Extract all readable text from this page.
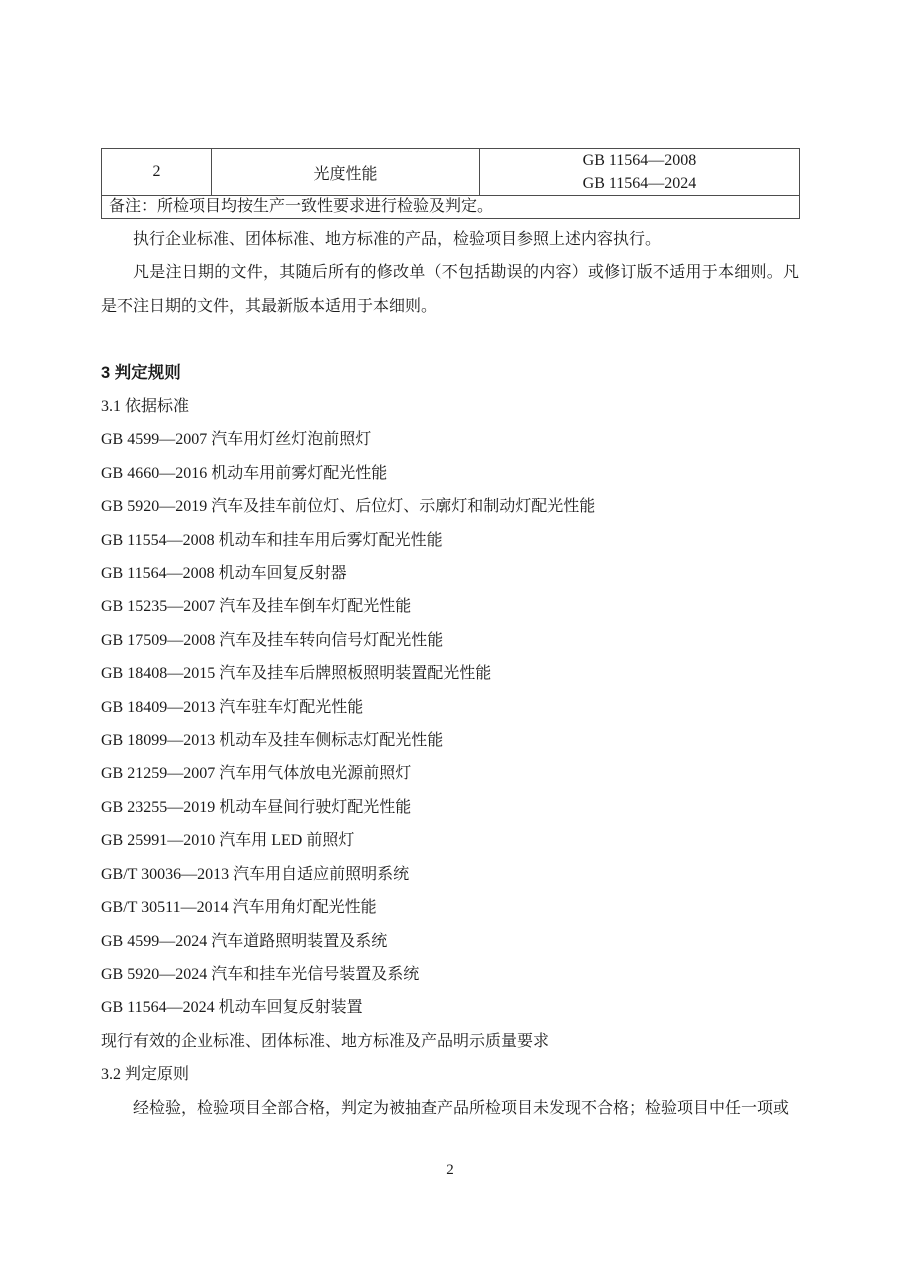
2	光度性能	
GB 11564—2008
GB 11564—2024

备注：所检项目均按生产一致性要求进行检验及判定。

执行企业标准、团体标准、地方标准的产品，检验项目参照上述内容执行。

凡是注日期的文件，其随后所有的修改单（不包括勘误的内容）或修订版不适用于本细则。凡是不注日期的文件，其最新版本适用于本细则。

3 判定规则

3.1 依据标准

GB 4599—2007 汽车用灯丝灯泡前照灯

GB 4660—2016 机动车用前雾灯配光性能

GB 5920—2019 汽车及挂车前位灯、后位灯、示廓灯和制动灯配光性能

GB 11554—2008 机动车和挂车用后雾灯配光性能

GB 11564—2008 机动车回复反射器

GB 15235—2007 汽车及挂车倒车灯配光性能

GB 17509—2008 汽车及挂车转向信号灯配光性能

GB 18408—2015 汽车及挂车后牌照板照明装置配光性能

GB 18409—2013 汽车驻车灯配光性能

GB 18099—2013 机动车及挂车侧标志灯配光性能

GB 21259—2007 汽车用气体放电光源前照灯

GB 23255—2019 机动车昼间行驶灯配光性能

GB 25991—2010 汽车用 LED 前照灯

GB/T 30036—2013 汽车用自适应前照明系统

GB/T 30511—2014 汽车用角灯配光性能

GB 4599—2024 汽车道路照明装置及系统

GB 5920—2024 汽车和挂车光信号装置及系统

GB 11564—2024 机动车回复反射装置

现行有效的企业标准、团体标准、地方标准及产品明示质量要求

3.2 判定原则

经检验，检验项目全部合格，判定为被抽查产品所检项目未发现不合格；检验项目中任一项或

2
